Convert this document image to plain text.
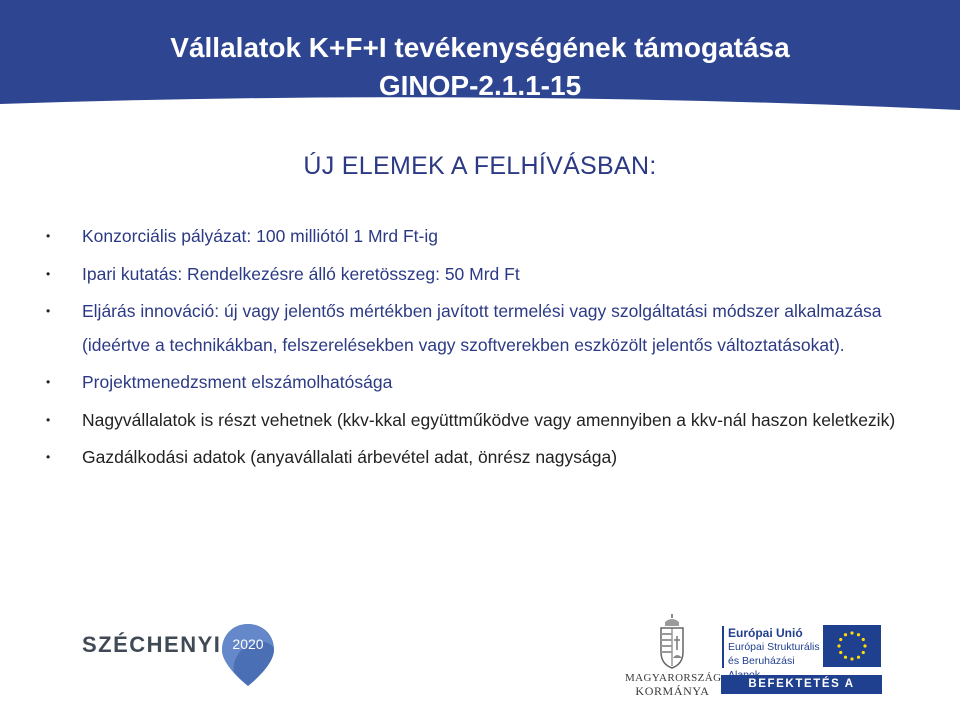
Vállalatok K+F+I tevékenységének támogatása
GINOP-2.1.1-15
ÚJ ELEMEK A FELHÍVÁSBAN:
• Konzorciális pályázat: 100 milliótól 1 Mrd Ft-ig
• Ipari kutatás: Rendelkezésre álló keretösszeg: 50 Mrd Ft
• Eljárás innováció: új vagy jelentős mértékben javított termelési vagy szolgáltatási módszer alkalmazása (ideértve a technikákban, felszerelésekben vagy szoftverekben eszközölt jelentős változtatásokat).
• Projektmenedzsment elszámolhatósága
• Nagyvállalatok is részt vehetnek (kkv-kkal együttműködve vagy amennyiben a kkv-nál haszon keletkezik)
• Gazdálkodási adatok (anyavállalati árbevétel adat, önrész nagysága)
SZÉCHENYI 2020
MAGYARORSZÁG
KORMÁNYA
Európai Unió
Európai Strukturális
és Beruházási
BEFEKTETÉS A JÖVŐBE
